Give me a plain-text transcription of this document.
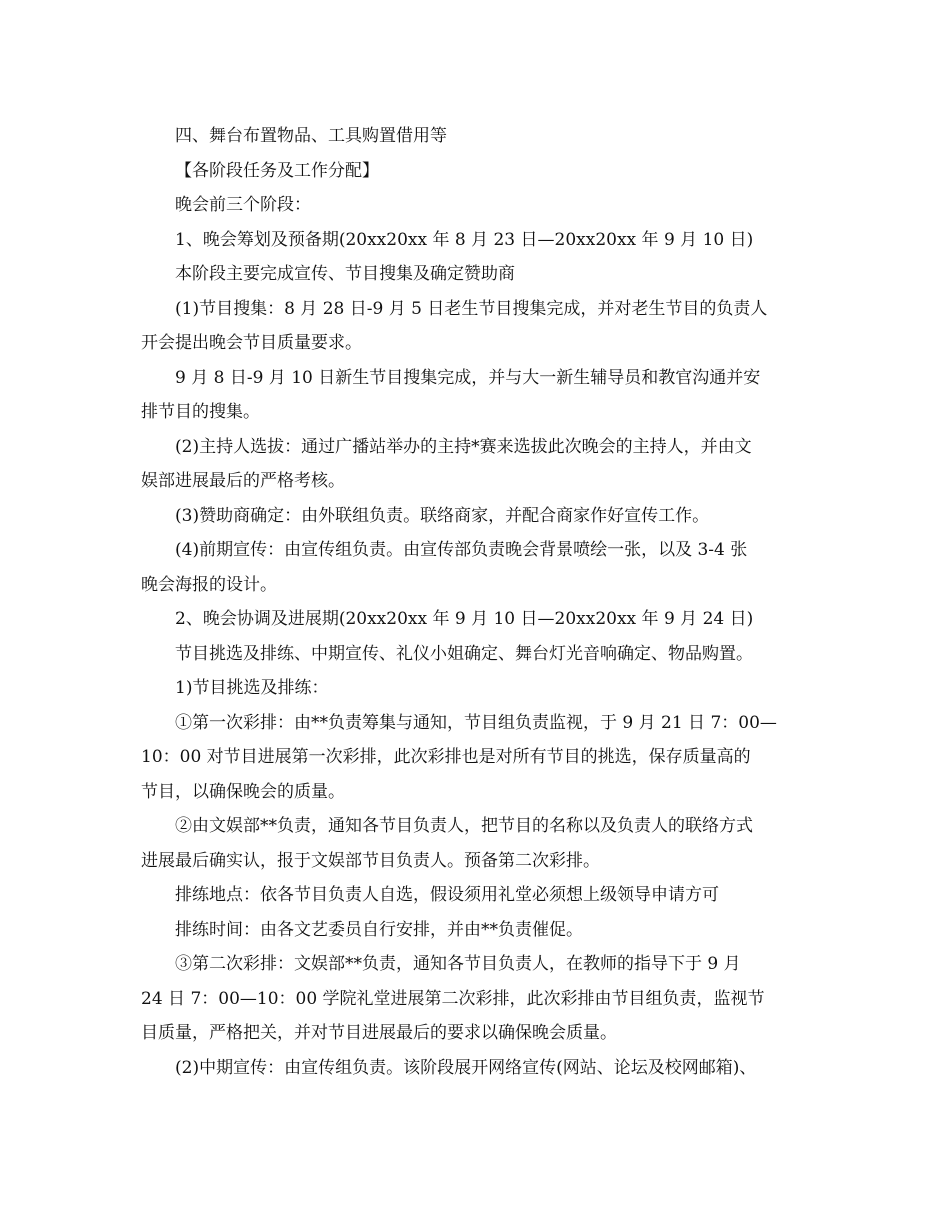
四、舞台布置物品、工具购置借用等

【各阶段任务及工作分配】

晚会前三个阶段：

1、晚会筹划及预备期(20xx20xx 年 8 月 23 日—20xx20xx 年 9 月 10 日)

本阶段主要完成宣传、节目搜集及确定赞助商

(1)节目搜集：8 月 28 日-9 月 5 日老生节目搜集完成，并对老生节目的负责人

开会提出晚会节目质量要求。

9 月 8 日-9 月 10 日新生节目搜集完成，并与大一新生辅导员和教官沟通并安

排节目的搜集。

(2)主持人选拔：通过广播站举办的主持*赛来选拔此次晚会的主持人，并由文

娱部进展最后的严格考核。

(3)赞助商确定：由外联组负责。联络商家，并配合商家作好宣传工作。

(4)前期宣传：由宣传组负责。由宣传部负责晚会背景喷绘一张，以及 3-4 张

晚会海报的设计。

2、晚会协调及进展期(20xx20xx 年 9 月 10 日—20xx20xx 年 9 月 24 日)

节目挑选及排练、中期宣传、礼仪小姐确定、舞台灯光音响确定、物品购置。

1)节目挑选及排练：

①第一次彩排：由**负责筹集与通知，节目组负责监视，于 9 月 21 日 7：00—

10：00 对节目进展第一次彩排，此次彩排也是对所有节目的挑选，保存质量高的

节目，以确保晚会的质量。

②由文娱部**负责，通知各节目负责人，把节目的名称以及负责人的联络方式

进展最后确实认，报于文娱部节目负责人。预备第二次彩排。

排练地点：依各节目负责人自选，假设须用礼堂必须想上级领导申请方可

排练时间：由各文艺委员自行安排，并由**负责催促。

③第二次彩排：文娱部**负责，通知各节目负责人，在教师的指导下于 9 月

24 日 7：00—10：00 学院礼堂进展第二次彩排，此次彩排由节目组负责，监视节

目质量，严格把关，并对节目进展最后的要求以确保晚会质量。

(2)中期宣传：由宣传组负责。该阶段展开网络宣传(网站、论坛及校网邮箱)、
